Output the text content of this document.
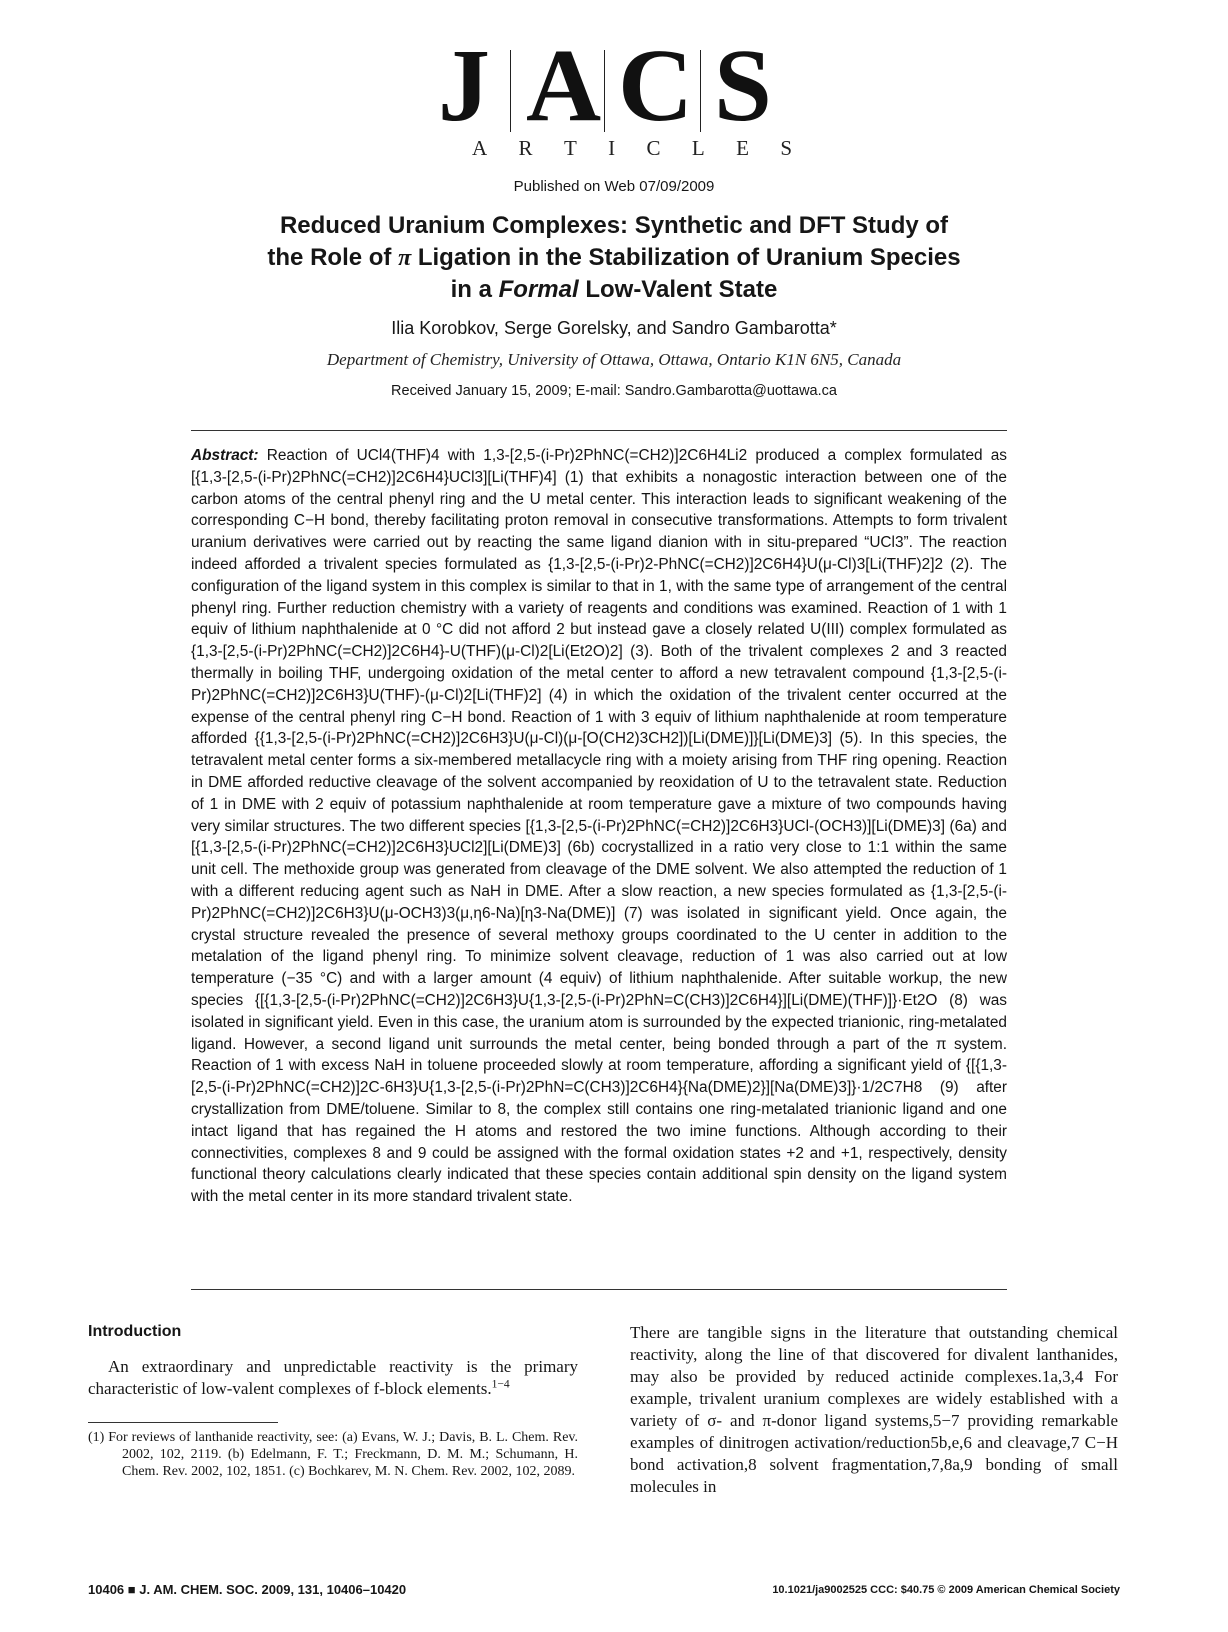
J A C S
A R T I C L E S
Published on Web 07/09/2009
Reduced Uranium Complexes: Synthetic and DFT Study of
the Role of π Ligation in the Stabilization of Uranium Species
in a Formal Low-Valent State
Ilia Korobkov, Serge Gorelsky, and Sandro Gambarotta*
Department of Chemistry, University of Ottawa, Ottawa, Ontario K1N 6N5, Canada
Received January 15, 2009; E-mail: Sandro.Gambarotta@uottawa.ca

Abstract: Reaction of UCl4(THF)4 with 1,3-[2,5-(i-Pr)2PhNC(=CH2)]2C6H4Li2 produced a complex formulated as [{1,3-[2,5-(i-Pr)2PhNC(=CH2)]2C6H4}UCl3][Li(THF)4] (1) that exhibits a nonagostic interaction between one of the carbon atoms of the central phenyl ring and the U metal center. This interaction leads to significant weakening of the corresponding C−H bond, thereby facilitating proton removal in consecutive transformations. Attempts to form trivalent uranium derivatives were carried out by reacting the same ligand dianion with in situ-prepared “UCl3”. The reaction indeed afforded a trivalent species formulated as {1,3-[2,5-(i-Pr)2-PhNC(=CH2)]2C6H4}U(μ-Cl)3[Li(THF)2]2 (2). The configuration of the ligand system in this complex is similar to that in 1, with the same type of arrangement of the central phenyl ring. Further reduction chemistry with a variety of reagents and conditions was examined. Reaction of 1 with 1 equiv of lithium naphthalenide at 0 °C did not afford 2 but instead gave a closely related U(III) complex formulated as {1,3-[2,5-(i-Pr)2PhNC(=CH2)]2C6H4}-U(THF)(μ-Cl)2[Li(Et2O)2] (3). Both of the trivalent complexes 2 and 3 reacted thermally in boiling THF, undergoing oxidation of the metal center to afford a new tetravalent compound {1,3-[2,5-(i-Pr)2PhNC(=CH2)]2C6H3}U(THF)-(μ-Cl)2[Li(THF)2] (4) in which the oxidation of the trivalent center occurred at the expense of the central phenyl ring C−H bond. Reaction of 1 with 3 equiv of lithium naphthalenide at room temperature afforded {{1,3-[2,5-(i-Pr)2PhNC(=CH2)]2C6H3}U(μ-Cl)(μ-[O(CH2)3CH2])[Li(DME)]}[Li(DME)3] (5). In this species, the tetravalent metal center forms a six-membered metallacycle ring with a moiety arising from THF ring opening. Reaction in DME afforded reductive cleavage of the solvent accompanied by reoxidation of U to the tetravalent state. Reduction of 1 in DME with 2 equiv of potassium naphthalenide at room temperature gave a mixture of two compounds having very similar structures. The two different species [{1,3-[2,5-(i-Pr)2PhNC(=CH2)]2C6H3}UCl-(OCH3)][Li(DME)3] (6a) and [{1,3-[2,5-(i-Pr)2PhNC(=CH2)]2C6H3}UCl2][Li(DME)3] (6b) cocrystallized in a ratio very close to 1:1 within the same unit cell. The methoxide group was generated from cleavage of the DME solvent. We also attempted the reduction of 1 with a different reducing agent such as NaH in DME. After a slow reaction, a new species formulated as {1,3-[2,5-(i-Pr)2PhNC(=CH2)]2C6H3}U(μ-OCH3)3(μ,η6-Na)[η3-Na(DME)] (7) was isolated in significant yield. Once again, the crystal structure revealed the presence of several methoxy groups coordinated to the U center in addition to the metalation of the ligand phenyl ring. To minimize solvent cleavage, reduction of 1 was also carried out at low temperature (−35 °C) and with a larger amount (4 equiv) of lithium naphthalenide. After suitable workup, the new species {[{1,3-[2,5-(i-Pr)2PhNC(=CH2)]2C6H3}U{1,3-[2,5-(i-Pr)2PhN=C(CH3)]2C6H4}][Li(DME)(THF)]}·Et2O (8) was isolated in significant yield. Even in this case, the uranium atom is surrounded by the expected trianionic, ring-metalated ligand. However, a second ligand unit surrounds the metal center, being bonded through a part of the π system. Reaction of 1 with excess NaH in toluene proceeded slowly at room temperature, affording a significant yield of {[{1,3-[2,5-(i-Pr)2PhNC(=CH2)]2C-6H3}U{1,3-[2,5-(i-Pr)2PhN=C(CH3)]2C6H4}{Na(DME)2}][Na(DME)3]}·1/2C7H8 (9) after crystallization from DME/toluene. Similar to 8, the complex still contains one ring-metalated trianionic ligand and one intact ligand that has regained the H atoms and restored the two imine functions. Although according to their connectivities, complexes 8 and 9 could be assigned with the formal oxidation states +2 and +1, respectively, density functional theory calculations clearly indicated that these species contain additional spin density on the ligand system with the metal center in its more standard trivalent state.

Introduction

An extraordinary and unpredictable reactivity is the primary characteristic of low-valent complexes of f-block elements.$^{1-4}$

(1) For reviews of lanthanide reactivity, see: (a) Evans, W. J.; Davis, B. L. Chem. Rev. 2002, 102, 2119. (b) Edelmann, F. T.; Freckmann, D. M. M.; Schumann, H. Chem. Rev. 2002, 102, 1851. (c) Bochkarev, M. N. Chem. Rev. 2002, 102, 2089.

There are tangible signs in the literature that outstanding chemical reactivity, along the line of that discovered for divalent lanthanides, may also be provided by reduced actinide complexes.1a,3,4 For example, trivalent uranium complexes are widely established with a variety of σ- and π-donor ligand systems,5−7 providing remarkable examples of dinitrogen activation/reduction5b,e,6 and cleavage,7 C−H bond activation,8 solvent fragmentation,7,8a,9 bonding of small molecules in

10406 ■ J. AM. CHEM. SOC. 2009, 131, 10406–10420	10.1021/ja9002525 CCC: $40.75 © 2009 American Chemical Society
